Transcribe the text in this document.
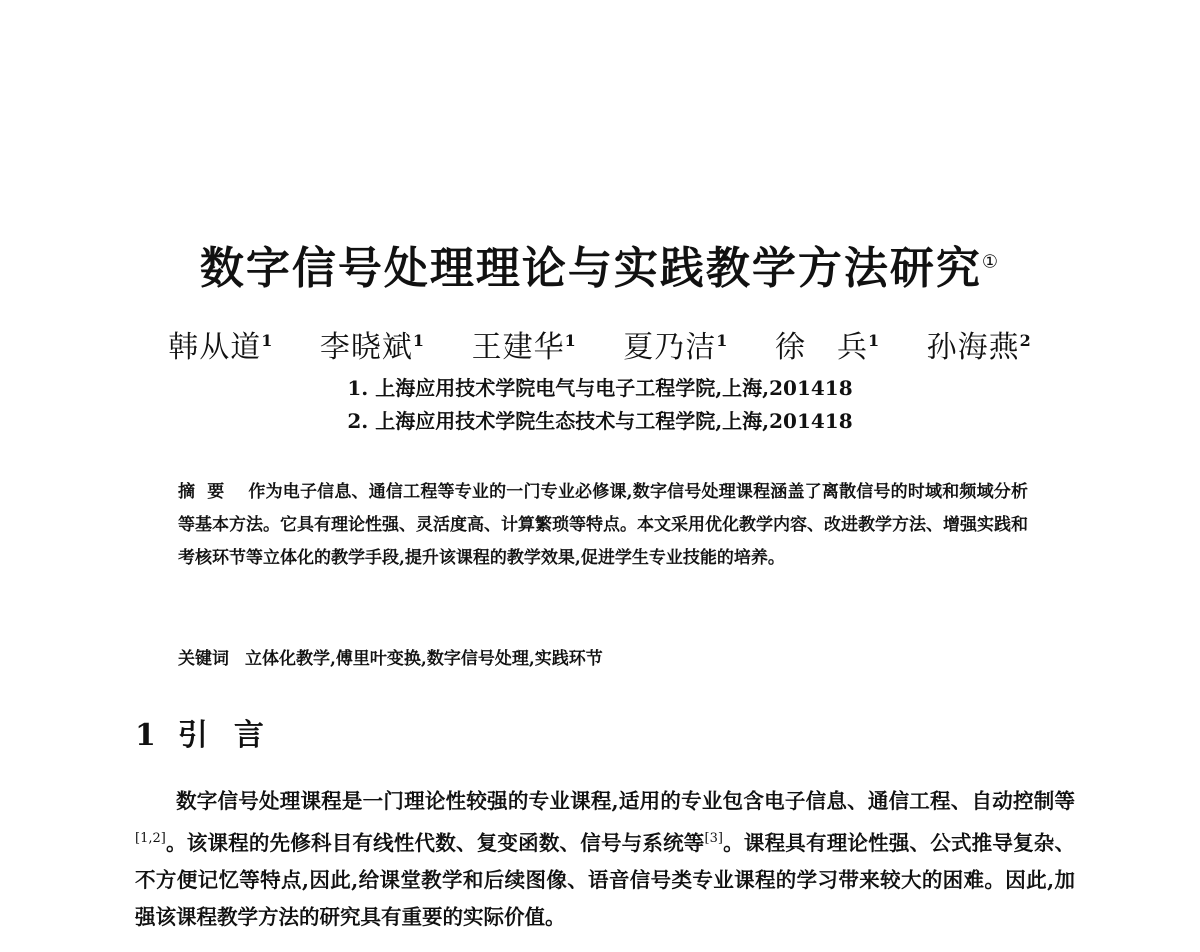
数字信号处理理论与实践教学方法研究①
韩从道$^1$ 李晓斌$^1$ 王建华$^1$ 夏乃洁$^1$ 徐　兵$^1$ 孙海燕$^2$
1. 上海应用技术学院电气与电子工程学院,上海,201418
2. 上海应用技术学院生态技术与工程学院,上海,201418
摘要 作为电子信息、通信工程等专业的一门专业必修课,数字信号处理课程涵盖了离散信号的时域和频域分析等基本方法。它具有理论性强、灵活度高、计算繁琐等特点。本文采用优化教学内容、改进教学方法、增强实践和考核环节等立体化的教学手段,提升该课程的教学效果,促进学生专业技能的培养。
关键词 立体化教学,傅里叶变换,数字信号处理,实践环节
1 引言
数字信号处理课程是一门理论性较强的专业课程,适用的专业包含电子信息、通信工程、自动控制等[1,2]。该课程的先修科目有线性代数、复变函数、信号与系统等[3]。课程具有理论性强、公式推导复杂、不方便记忆等特点,因此,给课堂教学和后续图像、语音信号类专业课程的学习带来较大的困难。因此,加强该课程教学方法的研究具有重要的实际价值。
